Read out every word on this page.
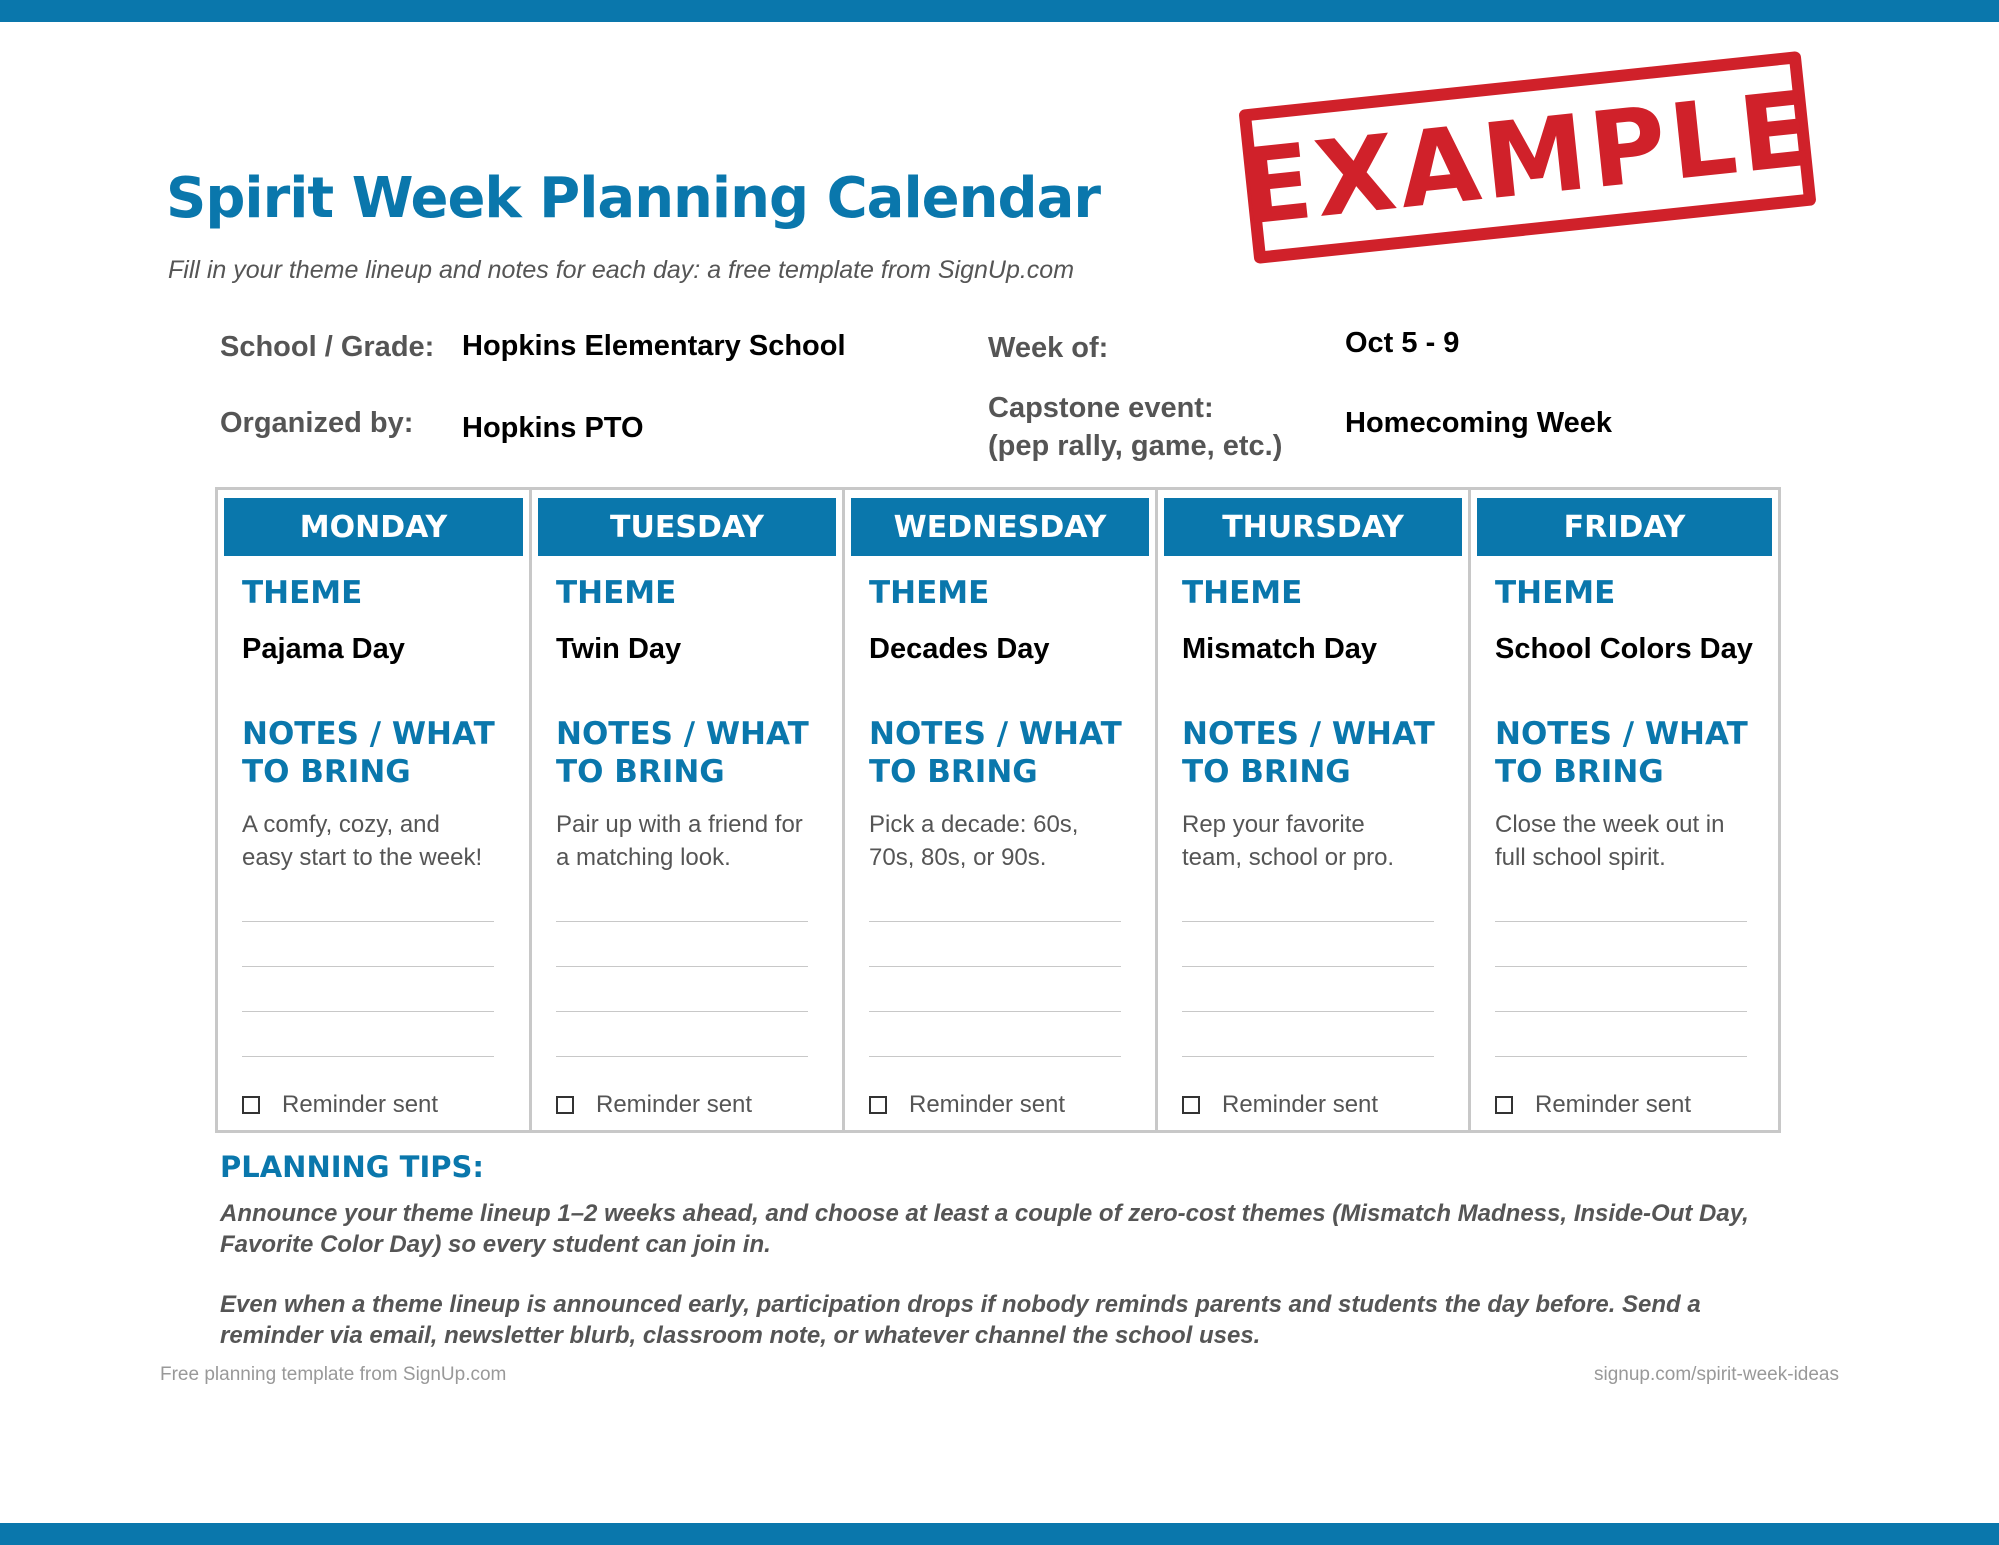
Spirit Week Planning Calendar
Fill in your theme lineup and notes for each day: a free template from SignUp.com
EXAMPLE
School / Grade: Hopkins Elementary School
Organized by: Hopkins PTO
Week of:	Oct 5 - 9
Capstone event:
(pep rally, game, etc.)
Homecoming Week
MONDAY
THEME
Pajama Day
NOTES / WHAT
TO BRING
A comfy, cozy, and
easy start to the week!
Reminder sent
TUESDAY
THEME
Twin Day
NOTES / WHAT
TO BRING
Pair up with a friend for
a matching look.
Reminder sent
WEDNESDAY
THEME
Decades Day
NOTES / WHAT
TO BRING
Pick a decade: 60s,
70s, 80s, or 90s.
Reminder sent
THURSDAY
THEME
Mismatch Day
NOTES / WHAT
TO BRING
Rep your favorite
team, school or pro.
Reminder sent
FRIDAY
THEME
School Colors Day
NOTES / WHAT
TO BRING
Close the week out in
full school spirit.
Reminder sent
PLANNING TIPS:
Announce your theme lineup 1–2 weeks ahead, and choose at least a couple of zero-cost themes (Mismatch Madness, Inside-Out Day, Favorite Color Day) so every student can join in.
Even when a theme lineup is announced early, participation drops if nobody reminds parents and students the day before. Send a reminder via email, newsletter blurb, classroom note, or whatever channel the school uses.
Free planning template from SignUp.com	signup.com/spirit-week-ideas
